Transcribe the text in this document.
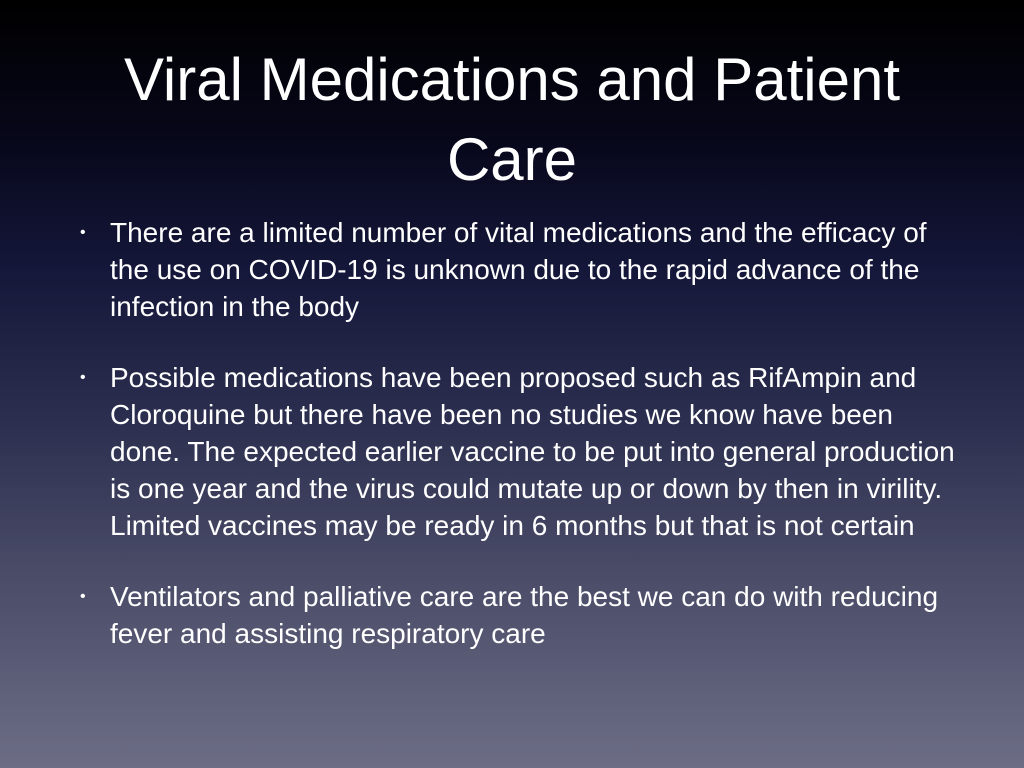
Viral Medications and Patient Care
• There are a limited number of vital medications and the efficacy of the use on COVID-19 is unknown due to the rapid advance of the infection in the body
• Possible medications have been proposed such as RifAmpin and Cloroquine but there have been no studies we know have been done. The expected earlier vaccine to be put into general production is one year and the virus could mutate up or down by then in virility. Limited vaccines may be ready in 6 months but that is not certain
• Ventilators and palliative care are the best we can do with reducing fever and assisting respiratory care
